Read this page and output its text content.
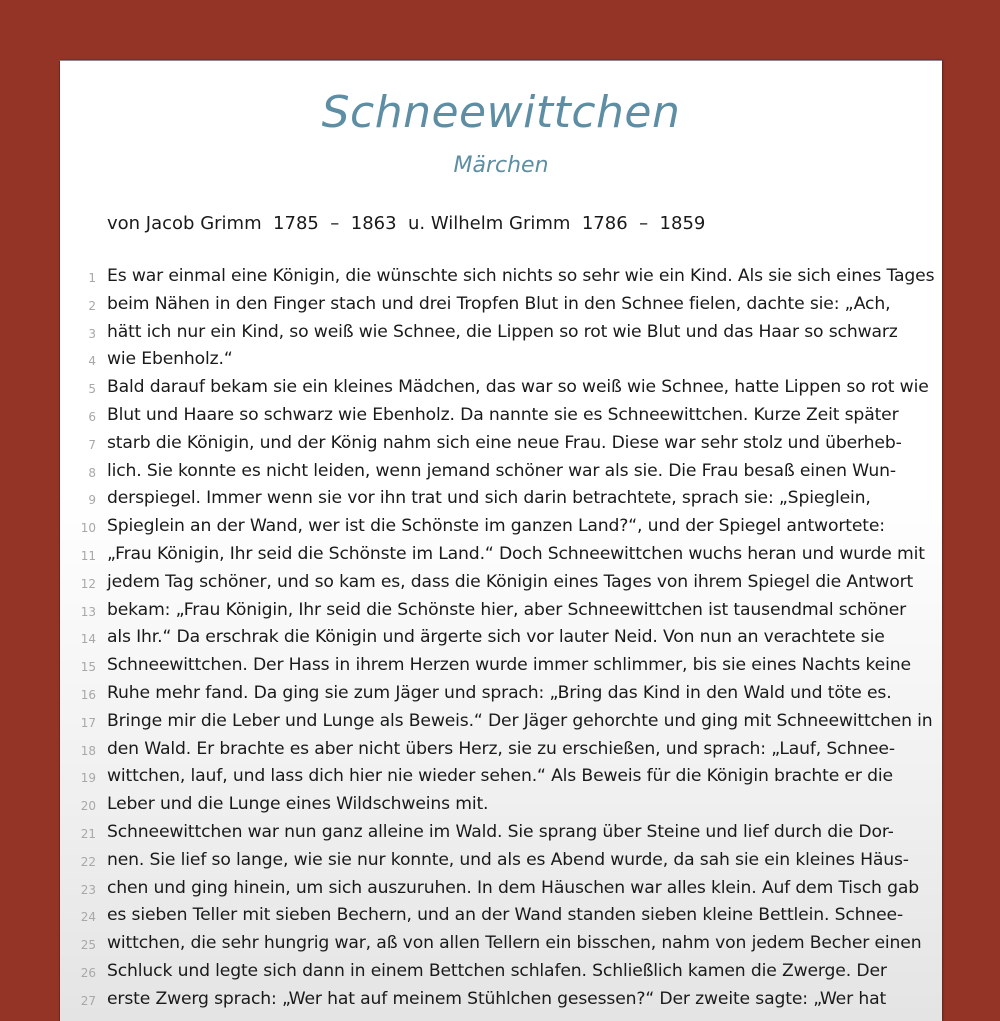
Schneewittchen
Märchen
von Jacob Grimm  1785  –  1863  u. Wilhelm Grimm  1786  –  1859
1 Es war einmal eine Königin, die wünschte sich nichts so sehr wie ein Kind. Als sie sich eines Tages
2 beim Nähen in den Finger stach und drei Tropfen Blut in den Schnee fielen, dachte sie: „Ach,
3 hätt ich nur ein Kind, so weiß wie Schnee, die Lippen so rot wie Blut und das Haar so schwarz
4 wie Ebenholz.“
5 Bald darauf bekam sie ein kleines Mädchen, das war so weiß wie Schnee, hatte Lippen so rot wie
6 Blut und Haare so schwarz wie Ebenholz. Da nannte sie es Schneewittchen. Kurze Zeit später
7 starb die Königin, und der König nahm sich eine neue Frau. Diese war sehr stolz und überheb-
8 lich. Sie konnte es nicht leiden, wenn jemand schöner war als sie. Die Frau besaß einen Wun-
9 derspiegel. Immer wenn sie vor ihn trat und sich darin betrachtete, sprach sie: „Spieglein,
10 Spieglein an der Wand, wer ist die Schönste im ganzen Land?“, und der Spiegel antwortete:
11 „Frau Königin, Ihr seid die Schönste im Land.“ Doch Schneewittchen wuchs heran und wurde mit
12 jedem Tag schöner, und so kam es, dass die Königin eines Tages von ihrem Spiegel die Antwort
13 bekam: „Frau Königin, Ihr seid die Schönste hier, aber Schneewittchen ist tausendmal schöner
14 als Ihr.“ Da erschrak die Königin und ärgerte sich vor lauter Neid. Von nun an verachtete sie
15 Schneewittchen. Der Hass in ihrem Herzen wurde immer schlimmer, bis sie eines Nachts keine
16 Ruhe mehr fand. Da ging sie zum Jäger und sprach: „Bring das Kind in den Wald und töte es.
17 Bringe mir die Leber und Lunge als Beweis.“ Der Jäger gehorchte und ging mit Schneewittchen in
18 den Wald. Er brachte es aber nicht übers Herz, sie zu erschießen, und sprach: „Lauf, Schnee-
19 wittchen, lauf, und lass dich hier nie wieder sehen.“ Als Beweis für die Königin brachte er die
20 Leber und die Lunge eines Wildschweins mit.
21 Schneewittchen war nun ganz alleine im Wald. Sie sprang über Steine und lief durch die Dor-
22 nen. Sie lief so lange, wie sie nur konnte, und als es Abend wurde, da sah sie ein kleines Häus-
23 chen und ging hinein, um sich auszuruhen. In dem Häuschen war alles klein. Auf dem Tisch gab
24 es sieben Teller mit sieben Bechern, und an der Wand standen sieben kleine Bettlein. Schnee-
25 wittchen, die sehr hungrig war, aß von allen Tellern ein bisschen, nahm von jedem Becher einen
26 Schluck und legte sich dann in einem Bettchen schlafen. Schließlich kamen die Zwerge. Der
27 erste Zwerg sprach: „Wer hat auf meinem Stühlchen gesessen?“ Der zweite sagte: „Wer hat
